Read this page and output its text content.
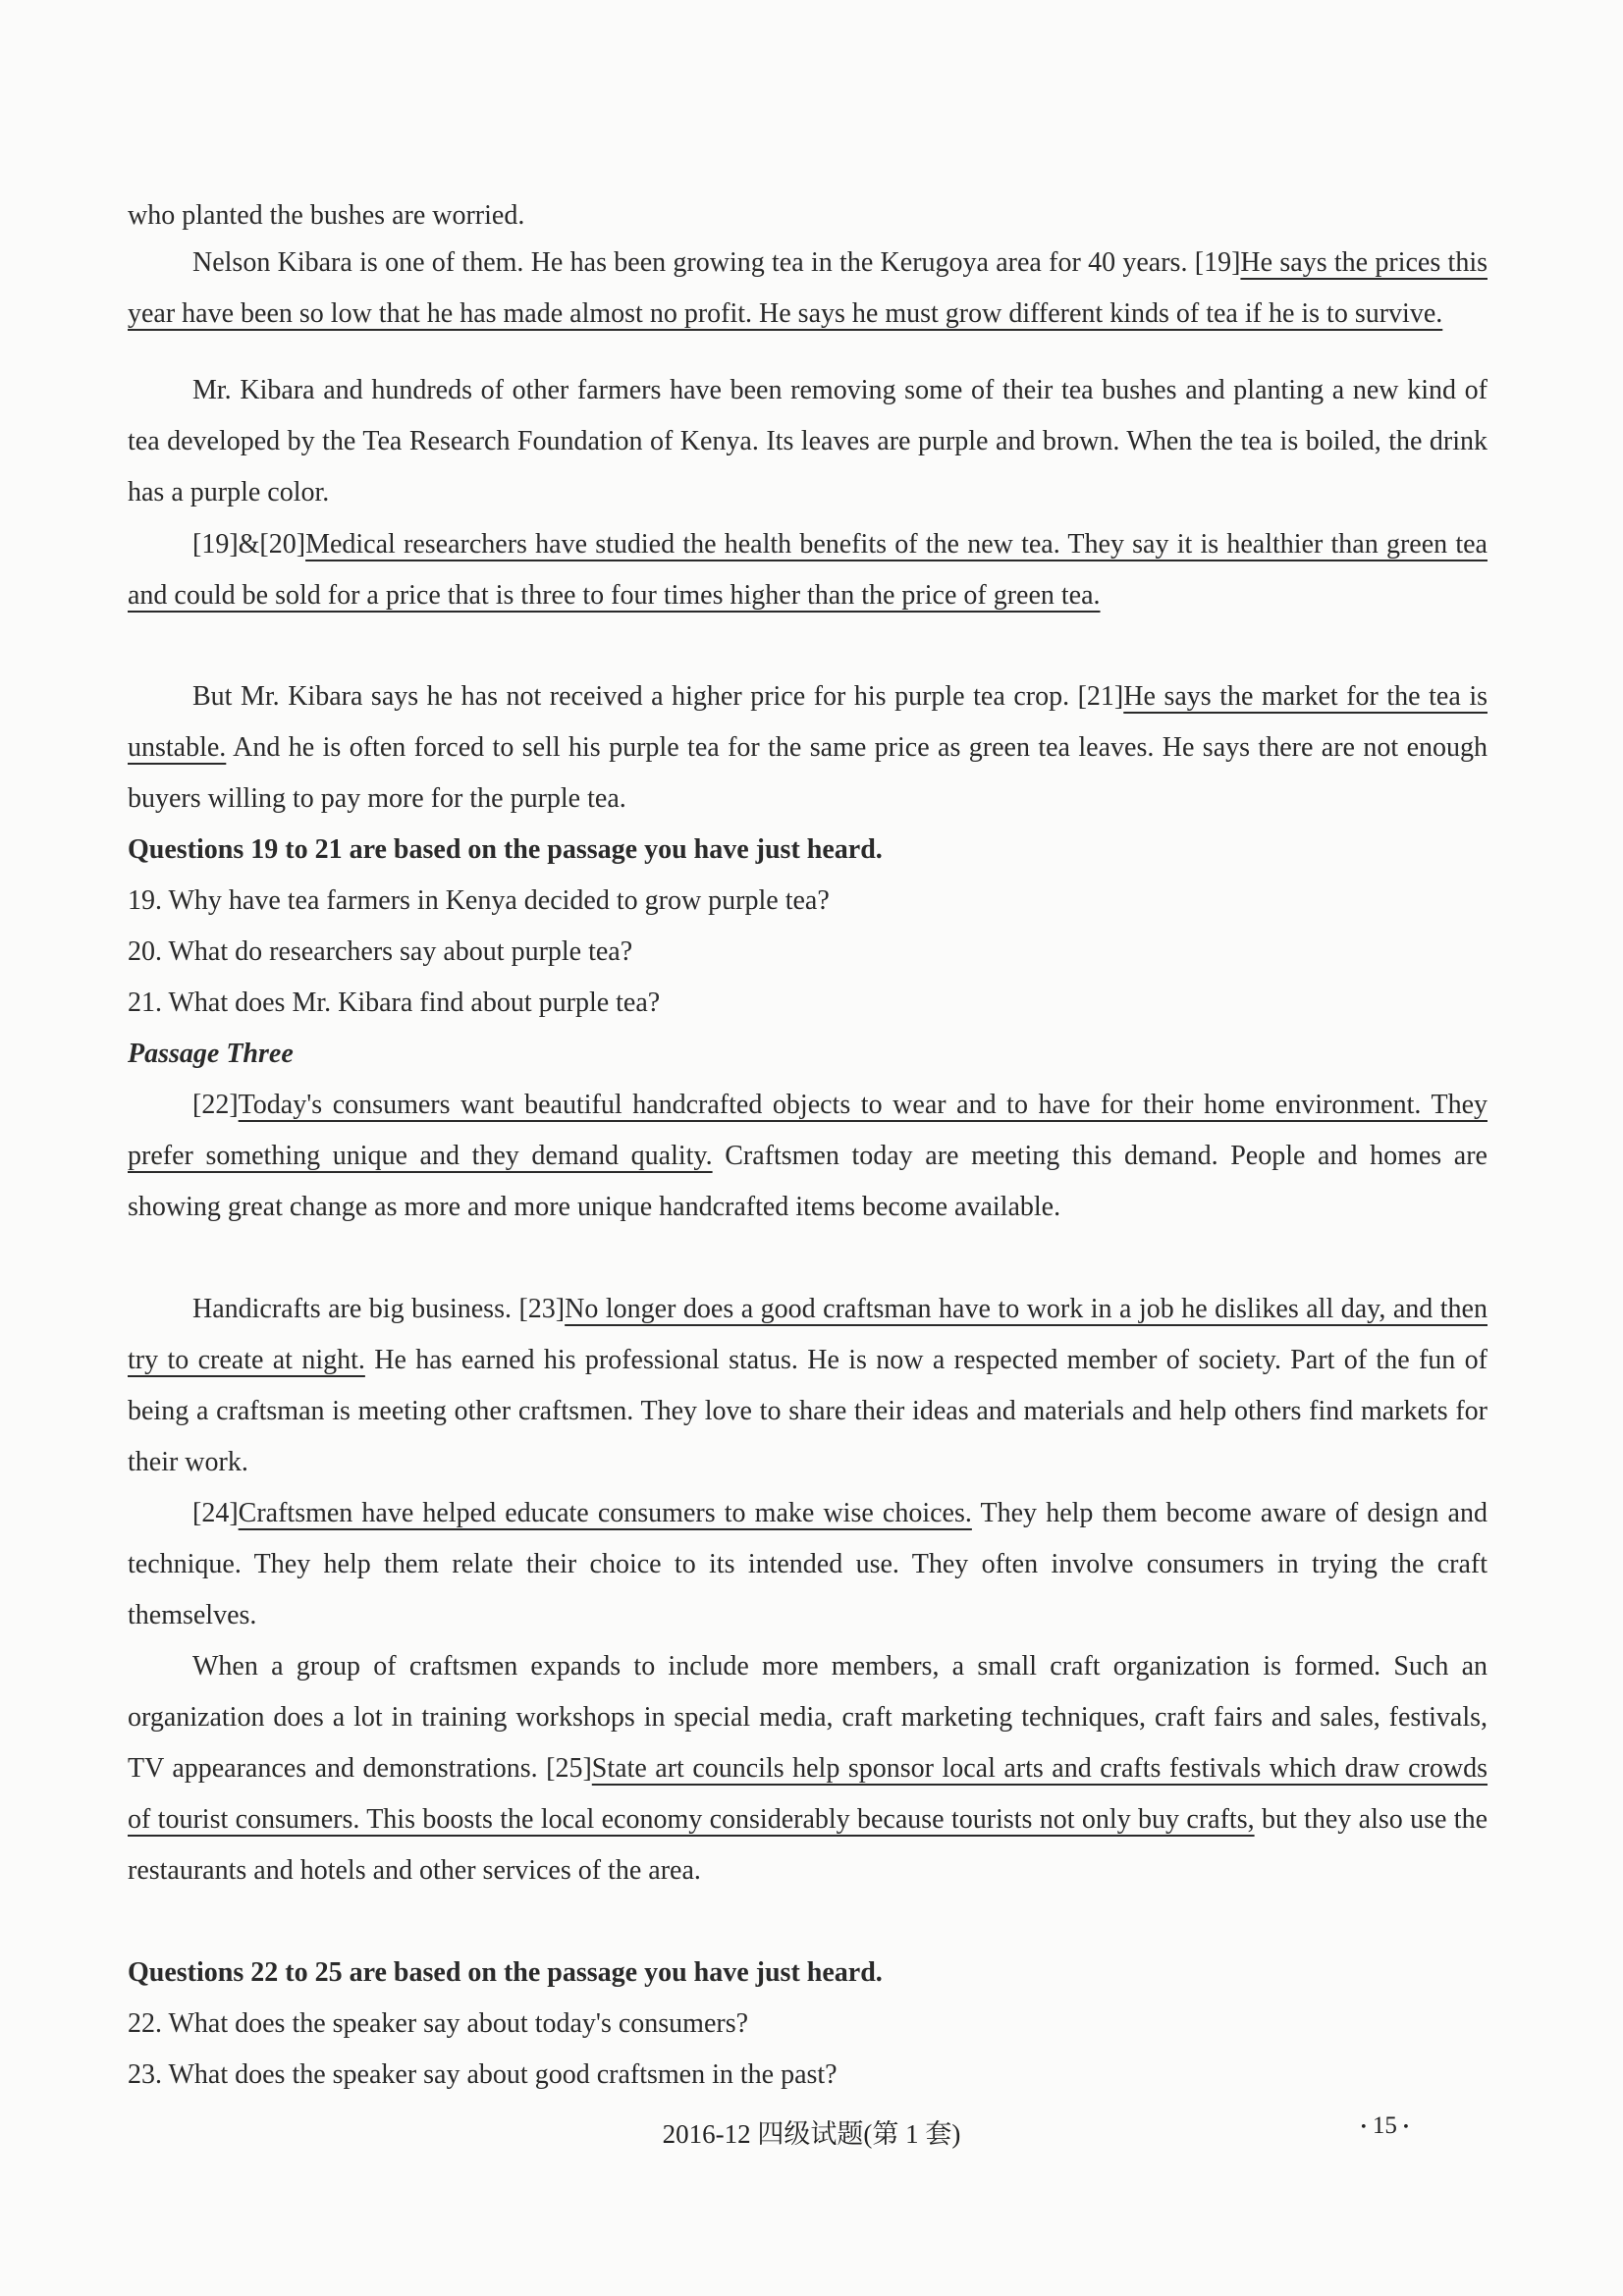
who planted the bushes are worried.

Nelson Kibara is one of them. He has been growing tea in the Kerugoya area for 40 years. [19]He says the prices this year have been so low that he has made almost no profit. He says he must grow different kinds of tea if he is to survive.

Mr. Kibara and hundreds of other farmers have been removing some of their tea bushes and planting a new kind of tea developed by the Tea Research Foundation of Kenya. Its leaves are purple and brown. When the tea is boiled, the drink has a purple color.

[19]&[20]Medical researchers have studied the health benefits of the new tea. They say it is healthier than green tea and could be sold for a price that is three to four times higher than the price of green tea.

But Mr. Kibara says he has not received a higher price for his purple tea crop. [21]He says the market for the tea is unstable. And he is often forced to sell his purple tea for the same price as green tea leaves. He says there are not enough buyers willing to pay more for the purple tea.

Questions 19 to 21 are based on the passage you have just heard.

19. Why have tea farmers in Kenya decided to grow purple tea?

20. What do researchers say about purple tea?

21. What does Mr. Kibara find about purple tea?

Passage Three

[22]Today's consumers want beautiful handcrafted objects to wear and to have for their home environment. They prefer something unique and they demand quality. Craftsmen today are meeting this demand. People and homes are showing great change as more and more unique handcrafted items become available.

Handicrafts are big business. [23]No longer does a good craftsman have to work in a job he dislikes all day, and then try to create at night. He has earned his professional status. He is now a respected member of society. Part of the fun of being a craftsman is meeting other craftsmen. They love to share their ideas and materials and help others find markets for their work.

[24]Craftsmen have helped educate consumers to make wise choices. They help them become aware of design and technique. They help them relate their choice to its intended use. They often involve consumers in trying the craft themselves.

When a group of craftsmen expands to include more members, a small craft organization is formed. Such an organization does a lot in training workshops in special media, craft marketing techniques, craft fairs and sales, festivals, TV appearances and demonstrations. [25]State art councils help sponsor local arts and crafts festivals which draw crowds of tourist consumers. This boosts the local economy considerably because tourists not only buy crafts, but they also use the restaurants and hotels and other services of the area.

Questions 22 to 25 are based on the passage you have just heard.

22. What does the speaker say about today's consumers?

23. What does the speaker say about good craftsmen in the past?

2016-12 四级试题(第 1 套)	• 15 •
